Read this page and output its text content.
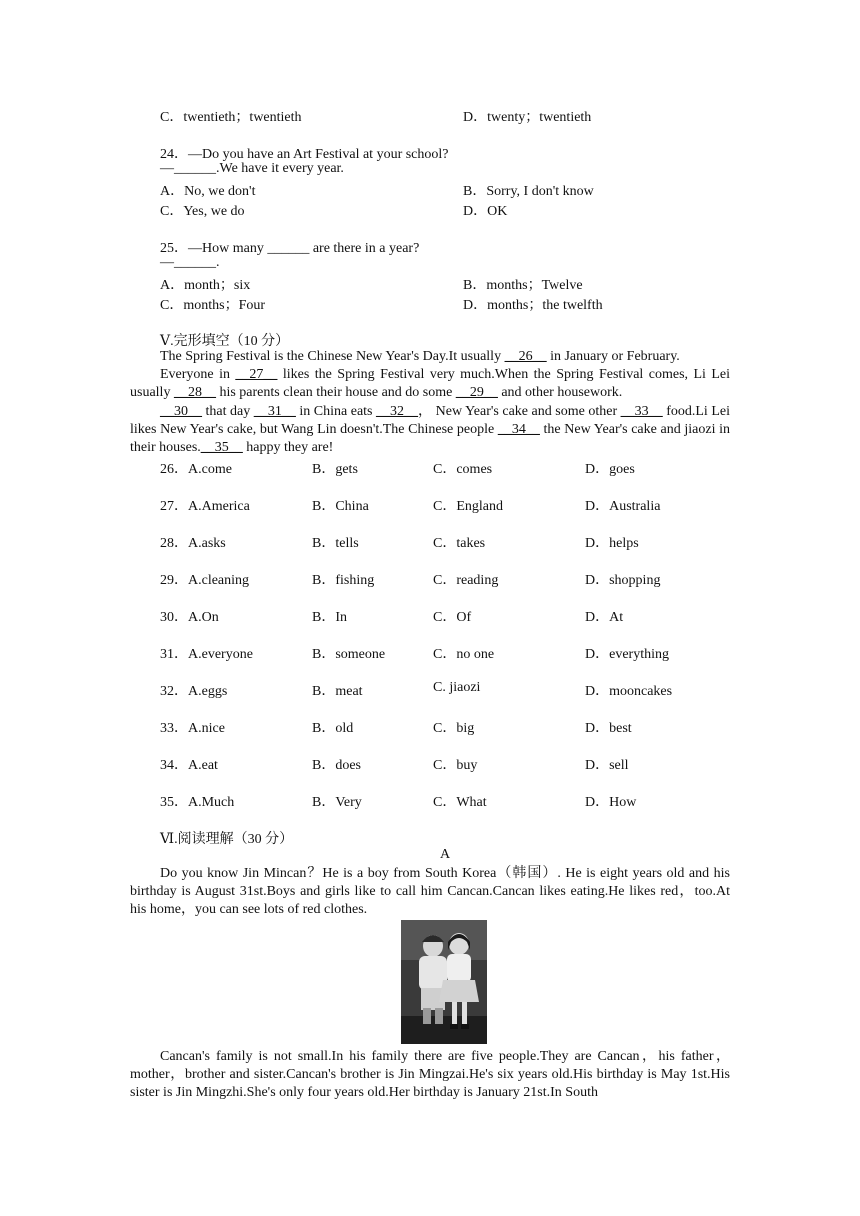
C．twentieth；twentieth	D．twenty；twentieth
24．—Do you have an Art Festival at your school?
—______.We have it every year.
A．No, we don't	B．Sorry, I don't know
C．Yes, we do	D．OK
25．—How many ______ are there in a year?
—______.
A．month；six	B．months；Twelve
C．months；Four	D．months；the twelfth
Ⅴ.完形填空（10 分）
The Spring Festival is the Chinese New Year's Day.It usually __26__ in January or February.
Everyone in __27__ likes the Spring Festival very much.When the Spring Festival comes, Li Lei usually __28__ his parents clean their house and do some __29__ and other housework.
__30__ that day __31__ in China eats __32__， New Year's cake and some other __33__ food.Li Lei likes New Year's cake, but Wang Lin doesn't.The Chinese people __34__ the New Year's cake and jiaozi in their houses.__35__ happy they are!
26．A.come	B．gets	C．comes	D．goes
27．A.America	B．China	C．England	D．Australia
28．A.asks	B．tells	C．takes	D．helps
29．A.cleaning	B．fishing	C．reading	D．shopping
30．A.On	B．In	C．Of	D．At
31．A.everyone	B．someone	C．no one	D．everything
32．A.eggs	B．meat	C. jiaozi	D．mooncakes
33．A.nice	B．old	C．big	D．best
34．A.eat	B．does	C．buy	D．sell
35．A.Much	B．Very	C．What	D．How
Ⅵ.阅读理解（30 分）
A
Do you know Jin Mincan？He is a boy from South Korea（韩国）. He is eight years old and his birthday is August 31st.Boys and girls like to call him Cancan.Cancan likes eating.He likes red，too.At his home，you can see lots of red clothes.
Cancan's family is not small.In his family there are five people.They are Cancan，his father，mother，brother and sister.Cancan's brother is Jin Mingzai.He's six years old.His birthday is May 1st.His sister is Jin Mingzhi.She's only four years old.Her birthday is January 21st.In South
